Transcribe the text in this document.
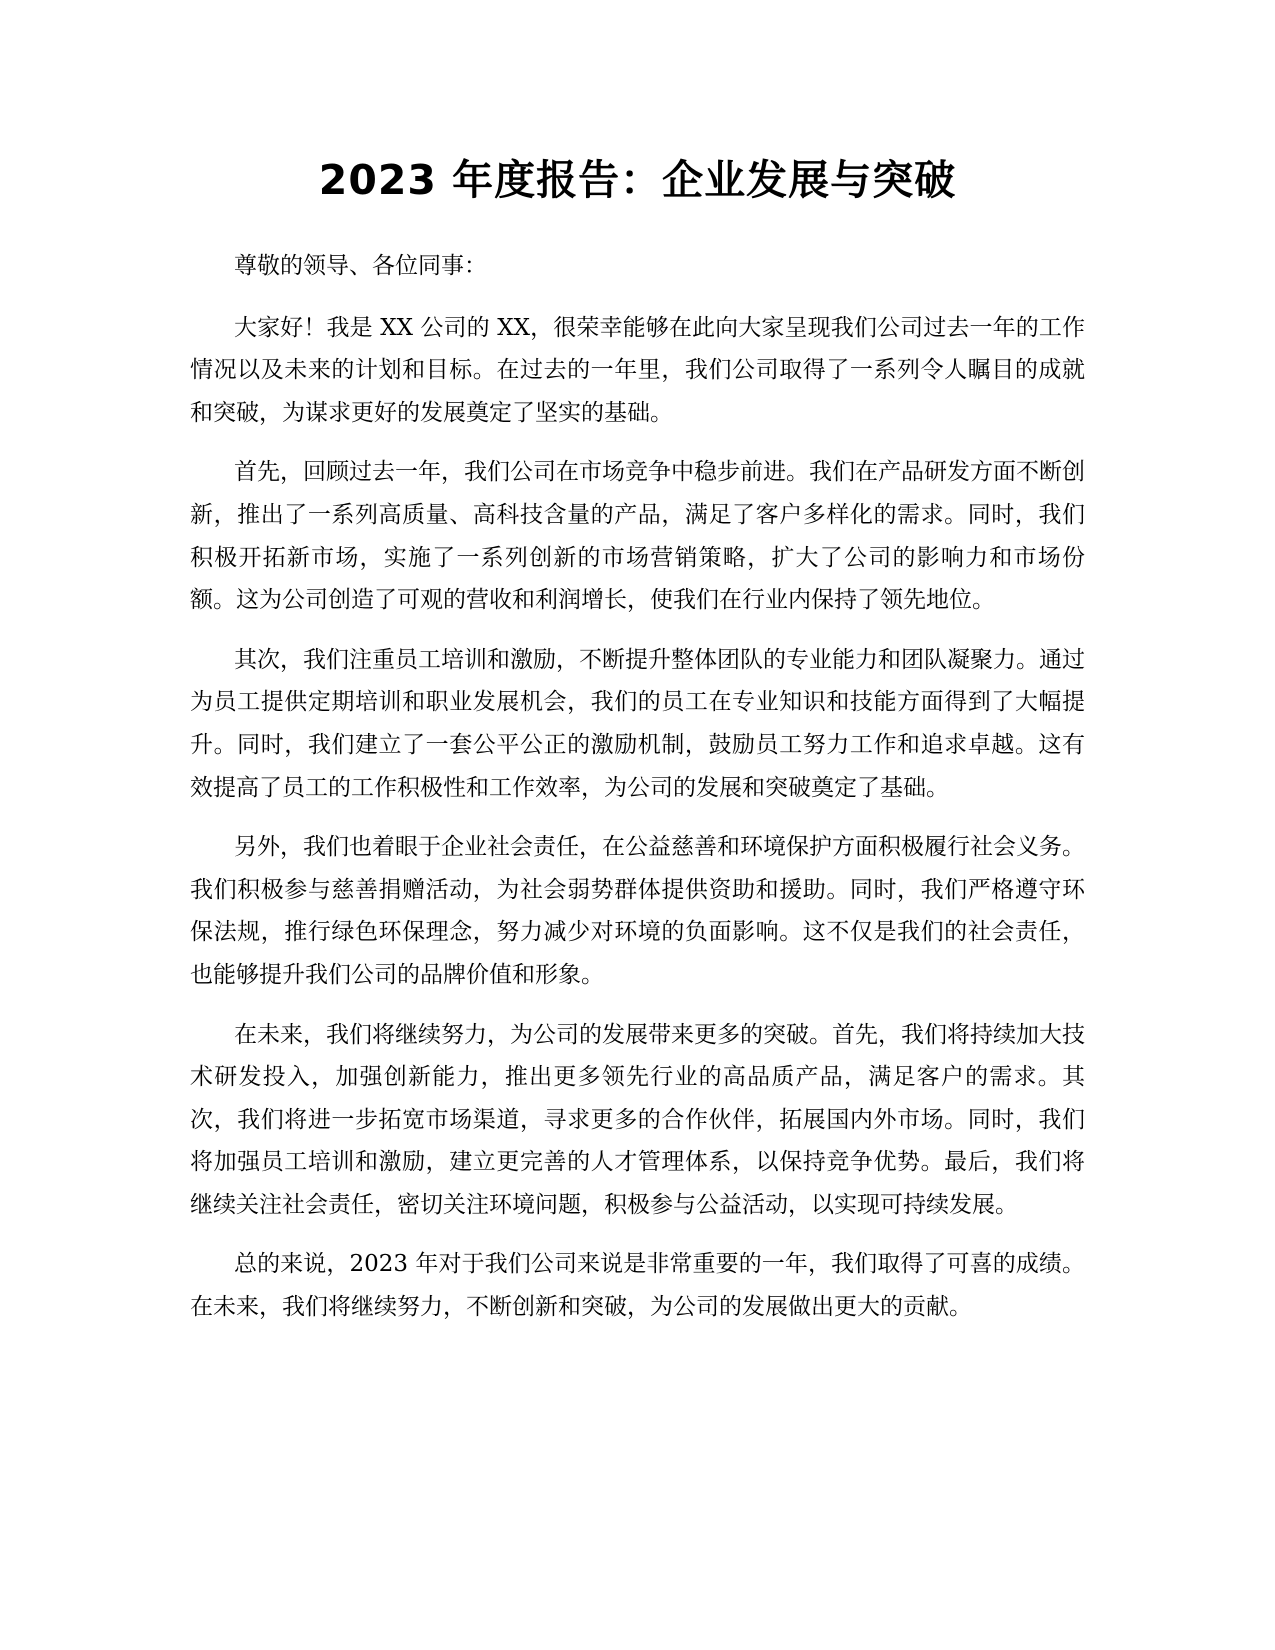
2023 年度报告：企业发展与突破

尊敬的领导、各位同事：

大家好！我是 XX 公司的 XX，很荣幸能够在此向大家呈现我们公司过去一年的工作情况以及未来的计划和目标。在过去的一年里，我们公司取得了一系列令人瞩目的成就和突破，为谋求更好的发展奠定了坚实的基础。

首先，回顾过去一年，我们公司在市场竞争中稳步前进。我们在产品研发方面不断创新，推出了一系列高质量、高科技含量的产品，满足了客户多样化的需求。同时，我们积极开拓新市场，实施了一系列创新的市场营销策略，扩大了公司的影响力和市场份额。这为公司创造了可观的营收和利润增长，使我们在行业内保持了领先地位。

其次，我们注重员工培训和激励，不断提升整体团队的专业能力和团队凝聚力。通过为员工提供定期培训和职业发展机会，我们的员工在专业知识和技能方面得到了大幅提升。同时，我们建立了一套公平公正的激励机制，鼓励员工努力工作和追求卓越。这有效提高了员工的工作积极性和工作效率，为公司的发展和突破奠定了基础。

另外，我们也着眼于企业社会责任，在公益慈善和环境保护方面积极履行社会义务。我们积极参与慈善捐赠活动，为社会弱势群体提供资助和援助。同时，我们严格遵守环保法规，推行绿色环保理念，努力减少对环境的负面影响。这不仅是我们的社会责任，也能够提升我们公司的品牌价值和形象。

在未来，我们将继续努力，为公司的发展带来更多的突破。首先，我们将持续加大技术研发投入，加强创新能力，推出更多领先行业的高品质产品，满足客户的需求。其次，我们将进一步拓宽市场渠道，寻求更多的合作伙伴，拓展国内外市场。同时，我们将加强员工培训和激励，建立更完善的人才管理体系，以保持竞争优势。最后，我们将继续关注社会责任，密切关注环境问题，积极参与公益活动，以实现可持续发展。

总的来说，2023 年对于我们公司来说是非常重要的一年，我们取得了可喜的成绩。在未来，我们将继续努力，不断创新和突破，为公司的发展做出更大的贡献。
